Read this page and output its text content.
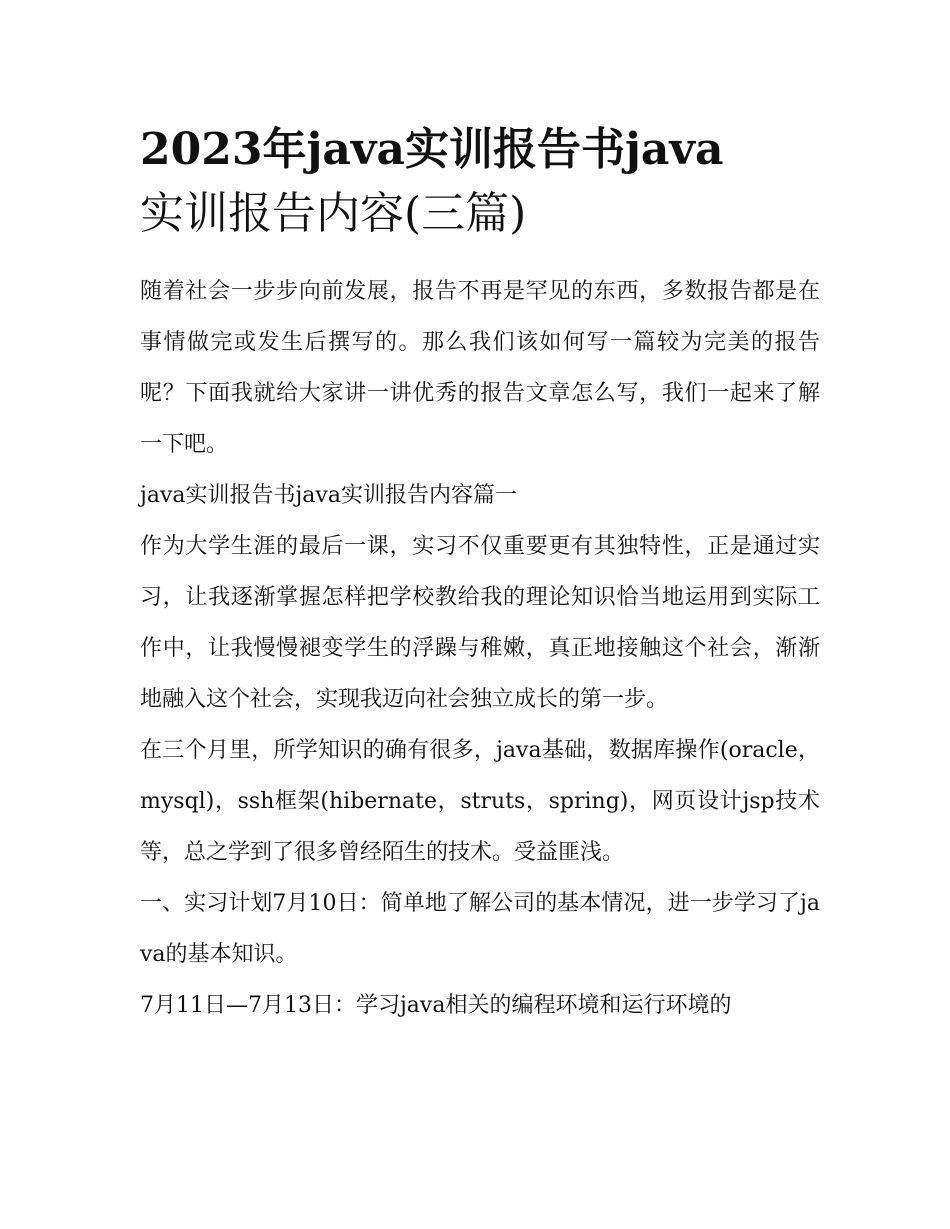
2023年java实训报告书java
实训报告内容(三篇)

随着社会一步步向前发展，报告不再是罕见的东西，多数报告都是在事情做完或发生后撰写的。那么我们该如何写一篇较为完美的报告呢？下面我就给大家讲一讲优秀的报告文章怎么写，我们一起来了解一下吧。

java实训报告书java实训报告内容篇一

作为大学生涯的最后一课，实习不仅重要更有其独特性，正是通过实习，让我逐渐掌握怎样把学校教给我的理论知识恰当地运用到实际工作中，让我慢慢褪变学生的浮躁与稚嫩，真正地接触这个社会，渐渐地融入这个社会，实现我迈向社会独立成长的第一步。

在三个月里，所学知识的确有很多，java基础，数据库操作(oracle，mysql)，ssh框架(hibernate，struts，spring)，网页设计jsp技术等，总之学到了很多曾经陌生的技术。受益匪浅。

一、实习计划7月10日：简单地了解公司的基本情况，进一步学习了java的基本知识。

7月11日—7月13日：学习java相关的编程环境和运行环境的
